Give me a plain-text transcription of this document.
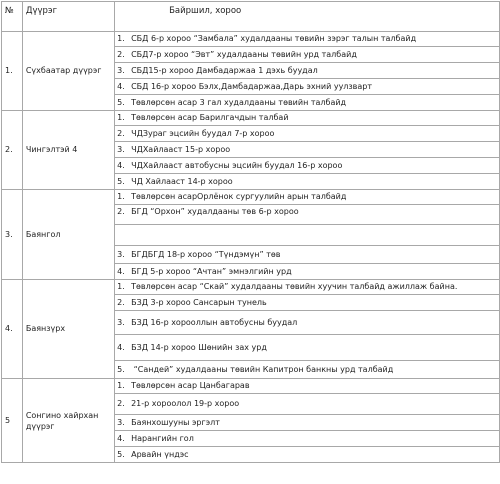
№	Дүүрэг	Байршил, хороо
1.	Сүхбаатар дүүрэг	1. СБД 6-р хороо “Замбала” худалдааны төвийн зэрэг талын талбайд
		2. СБД7-р хороо “Эвт” худалдааны төвийн урд талбайд
		3. СБД15-р хороо Дамбадаржаа 1 дэхь буудал
		4. СБД 16-р хороо Бэлх,Дамбадаржаа,Дарь эхний уулзварт
		5. Төвлөрсөн асар 3 гал худалдааны төвийн талбайд
2.	Чингэлтэй 4	1. Төвлөрсөн асар Барилгачдын талбай
		2. ЧДЗураг эцсийн буудал 7-р хороо
		3. ЧДХайлааст 15-р хороо
		4. ЧДХайлааст автобусны эцсийн буудал 16-р хороо
		5. ЧД Хайлааст 14-р хороо
3.	Баянгол	1. Төвлөрсөн асарОрлёнок сургуулийн арын талбайд
		2. БГД “Орхон” худалдааны төв 6-р хороо

		3. БГДБГД 18-р хороо “Түндэмүн” төв
		4. БГД 5-р хороо “Ачтан” эмнэлгийн урд
4.	Баянзүрх	1. Төвлөрсөн асар “Скай” худалдааны төвийн хуучин талбайд ажиллаж байна.
		2. БЗД 3-р хороо Сансарын тунель
		3. БЗД 16-р хорооллын автобусны буудал
		4. БЗД 14-р хороо Шөнийн зах урд
		5. “Сандей” худалдааны төвийн Капитрон банкны урд талбайд
5	Сонгино хайрхан дүүрэг	1. Төвлөрсөн асар Цанбагарав
		2. 21-р хороолол 19-р хороо
		3. Баянхошууны эргэлт
		4. Нарангийн гол
		5. Арвайн үндэс
